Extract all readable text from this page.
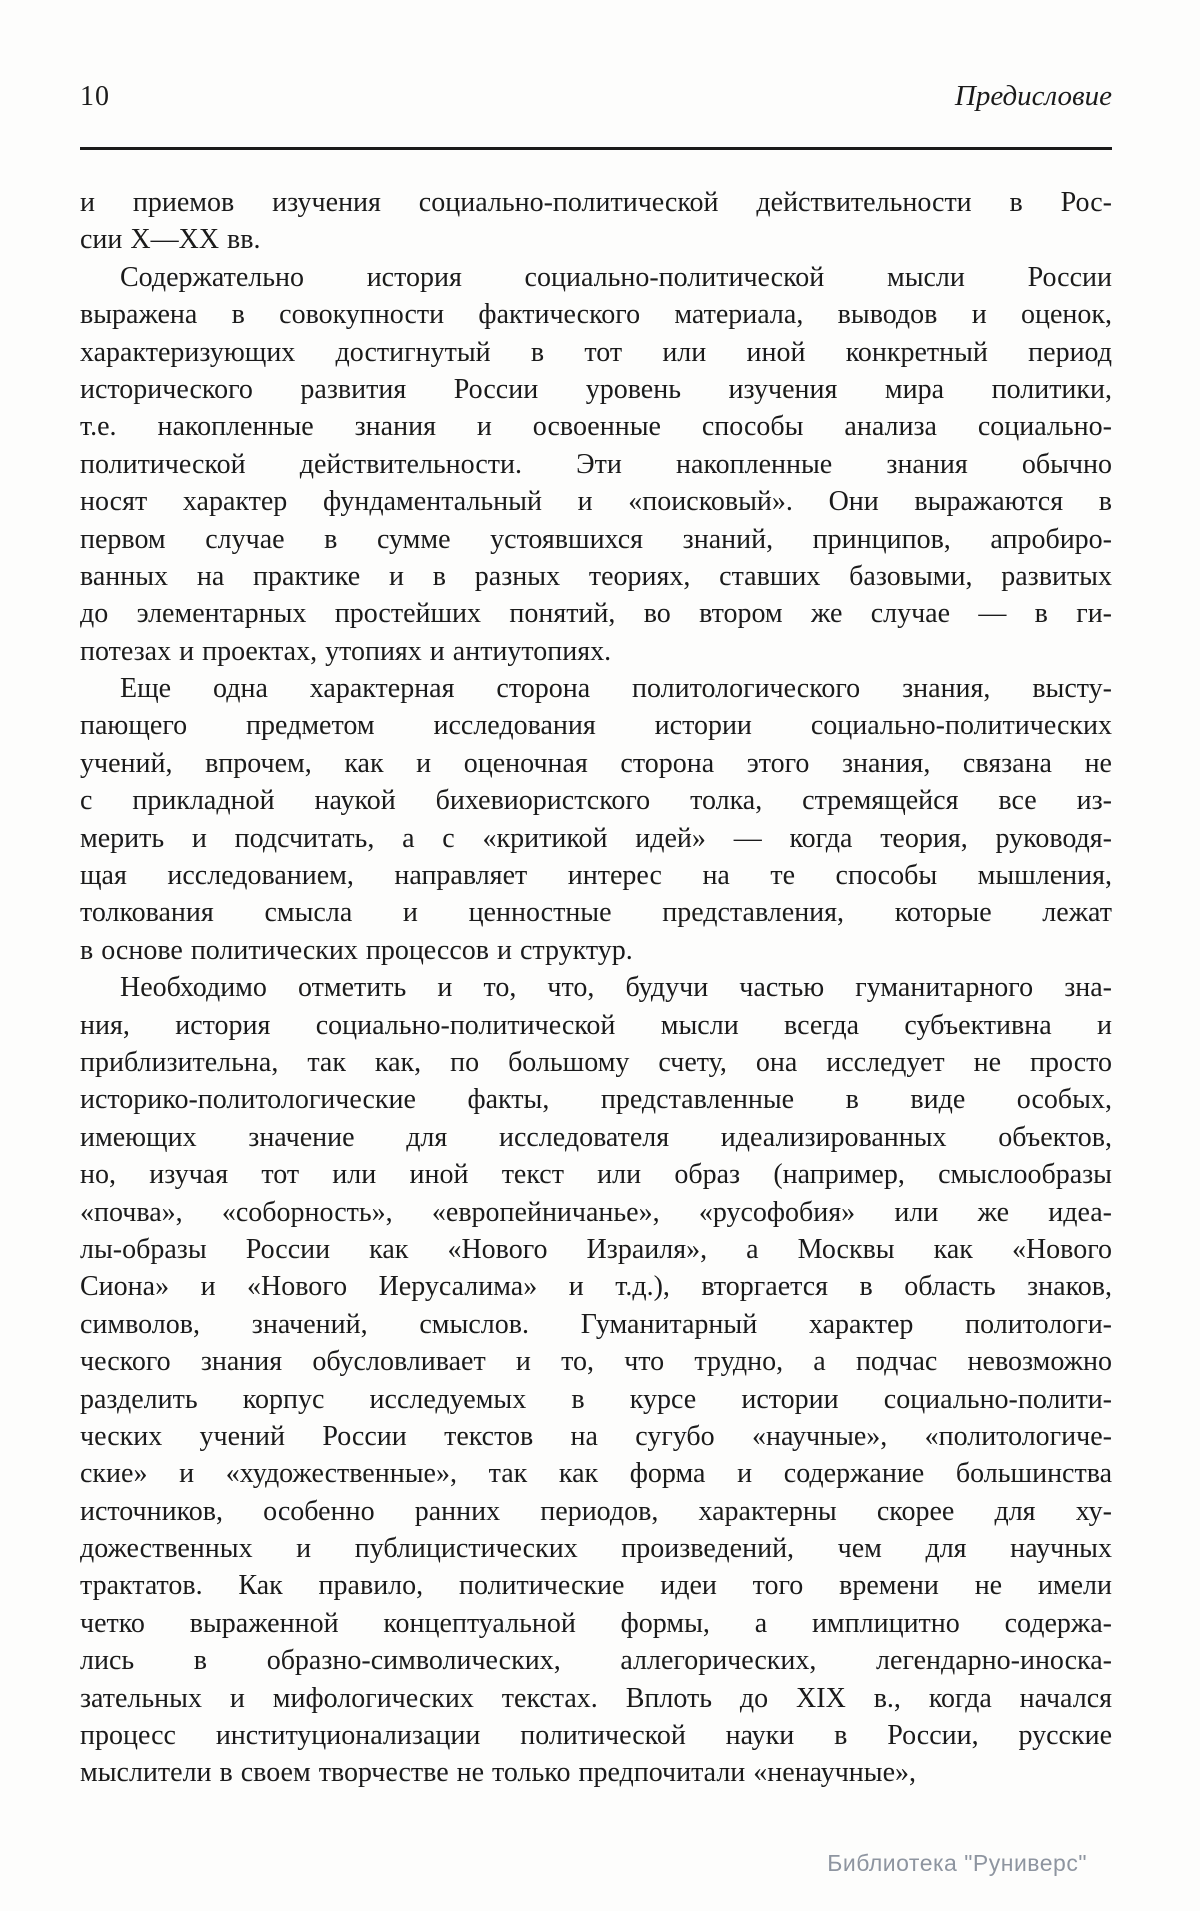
10	Предисловие
и приемов изучения социально-политической действительности в Рос-
сии X—XX вв.
Содержательно история социально-политической мысли России
выражена в совокупности фактического материала, выводов и оценок,
характеризующих достигнутый в тот или иной конкретный период
исторического развития России уровень изучения мира политики,
т.е. накопленные знания и освоенные способы анализа социально-
политической действительности. Эти накопленные знания обычно
носят характер фундаментальный и «поисковый». Они выражаются в
первом случае в сумме устоявшихся знаний, принципов, апробиро-
ванных на практике и в разных теориях, ставших базовыми, развитых
до элементарных простейших понятий, во втором же случае — в ги-
потезах и проектах, утопиях и антиутопиях.
Еще одна характерная сторона политологического знания, высту-
пающего предметом исследования истории социально-политических
учений, впрочем, как и оценочная сторона этого знания, связана не
с прикладной наукой бихевиористского толка, стремящейся все из-
мерить и подсчитать, а с «критикой идей» — когда теория, руководя-
щая исследованием, направляет интерес на те способы мышления,
толкования смысла и ценностные представления, которые лежат
в основе политических процессов и структур.
Необходимо отметить и то, что, будучи частью гуманитарного зна-
ния, история социально-политической мысли всегда субъективна и
приблизительна, так как, по большому счету, она исследует не просто
историко-политологические факты, представленные в виде особых,
имеющих значение для исследователя идеализированных объектов,
но, изучая тот или иной текст или образ (например, смыслообразы
«почва», «соборность», «европейничанье», «русофобия» или же идеа-
лы-образы России как «Нового Израиля», а Москвы как «Нового
Сиона» и «Нового Иерусалима» и т.д.), вторгается в область знаков,
символов, значений, смыслов. Гуманитарный характер политологи-
ческого знания обусловливает и то, что трудно, а подчас невозможно
разделить корпус исследуемых в курсе истории социально-полити-
ческих учений России текстов на сугубо «научные», «политологиче-
ские» и «художественные», так как форма и содержание большинства
источников, особенно ранних периодов, характерны скорее для ху-
дожественных и публицистических произведений, чем для научных
трактатов. Как правило, политические идеи того времени не имели
четко выраженной концептуальной формы, а имплицитно содержа-
лись в образно-символических, аллегорических, легендарно-иноска-
зательных и мифологических текстах. Вплоть до XIX в., когда начался
процесс институционализации политической науки в России, русские
мыслители в своем творчестве не только предпочитали «ненаучные»,
Библиотека "Руниверс"
